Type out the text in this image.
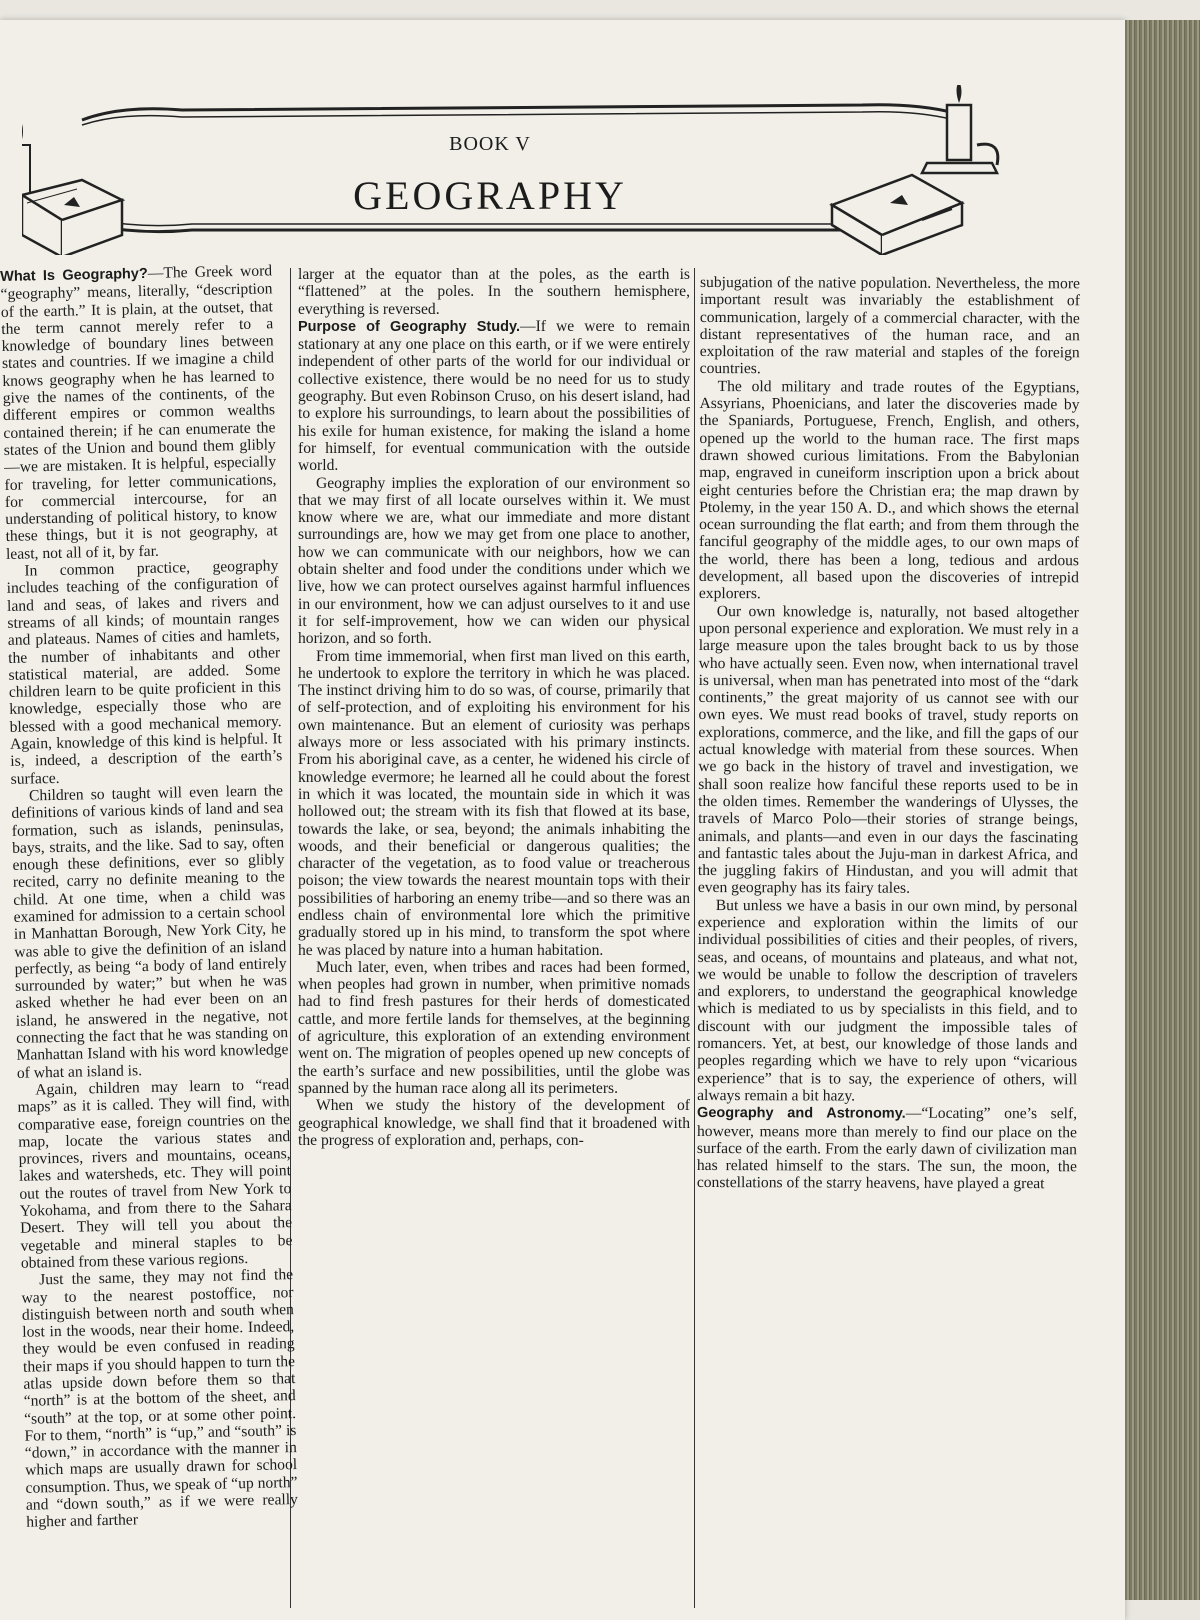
BOOK V
GEOGRAPHY

What Is Geography?—The Greek word “geography” means, literally, “description of the earth.” It is plain, at the outset, that the term cannot merely refer to a knowledge of boundary lines between states and countries. If we imagine a child knows geography when he has learned to give the names of the continents, of the different empires or common wealths contained therein; if he can enumerate the states of the Union and bound them glibly—we are mistaken. It is helpful, especially for traveling, for letter communications, for commercial intercourse, for an understanding of political history, to know these things, but it is not geography, at least, not all of it, by far.

In common practice, geography includes teaching of the configuration of land and seas, of lakes and rivers and streams of all kinds; of mountain ranges and plateaus. Names of cities and hamlets, the number of inhabitants and other statistical material, are added. Some children learn to be quite proficient in this knowledge, especially those who are blessed with a good mechanical memory. Again, knowledge of this kind is helpful. It is, indeed, a description of the earth’s surface.

Children so taught will even learn the definitions of various kinds of land and sea formation, such as islands, peninsulas, bays, straits, and the like. Sad to say, often enough these definitions, ever so glibly recited, carry no definite meaning to the child. At one time, when a child was examined for admission to a certain school in Manhattan Borough, New York City, he was able to give the definition of an island perfectly, as being “a body of land entirely surrounded by water;” but when he was asked whether he had ever been on an island, he answered in the negative, not connecting the fact that he was standing on Manhattan Island with his word knowledge of what an island is.

Again, children may learn to “read maps” as it is called. They will find, with comparative ease, foreign countries on the map, locate the various states and provinces, rivers and mountains, oceans, lakes and watersheds, etc. They will point out the routes of travel from New York to Yokohama, and from there to the Sahara Desert. They will tell you about the vegetable and mineral staples to be obtained from these various regions.

Just the same, they may not find the way to the nearest postoffice, nor distinguish between north and south when lost in the woods, near their home. Indeed, they would be even confused in reading their maps if you should happen to turn the atlas upside down before them so that “north” is at the bottom of the sheet, and “south” at the top, or at some other point. For to them, “north” is “up,” and “south” is “down,” in accordance with the manner in which maps are usually drawn for school consumption. Thus, we speak of “up north” and “down south,” as if we were really higher and farther

larger at the equator than at the poles, as the earth is “flattened” at the poles. In the southern hemisphere, everything is reversed.

Purpose of Geography Study.—If we were to remain stationary at any one place on this earth, or if we were entirely independent of other parts of the world for our individual or collective existence, there would be no need for us to study geography. But even Robinson Cruso, on his desert island, had to explore his surroundings, to learn about the possibilities of his exile for human existence, for making the island a home for himself, for eventual communication with the outside world.

Geography implies the exploration of our environment so that we may first of all locate ourselves within it. We must know where we are, what our immediate and more distant surroundings are, how we may get from one place to another, how we can communicate with our neighbors, how we can obtain shelter and food under the conditions under which we live, how we can protect ourselves against harmful influences in our environment, how we can adjust ourselves to it and use it for self-improvement, how we can widen our physical horizon, and so forth.

From time immemorial, when first man lived on this earth, he undertook to explore the territory in which he was placed. The instinct driving him to do so was, of course, primarily that of self-protection, and of exploiting his environment for his own maintenance. But an element of curiosity was perhaps always more or less associated with his primary instincts. From his aboriginal cave, as a center, he widened his circle of knowledge evermore; he learned all he could about the forest in which it was located, the mountain side in which it was hollowed out; the stream with its fish that flowed at its base, towards the lake, or sea, beyond; the animals inhabiting the woods, and their beneficial or dangerous qualities; the character of the vegetation, as to food value or treacherous poison; the view towards the nearest mountain tops with their possibilities of harboring an enemy tribe—and so there was an endless chain of environmental lore which the primitive gradually stored up in his mind, to transform the spot where he was placed by nature into a human habitation.

Much later, even, when tribes and races had been formed, when peoples had grown in number, when primitive nomads had to find fresh pastures for their herds of domesticated cattle, and more fertile lands for themselves, at the beginning of agriculture, this exploration of an extending environment went on. The migration of peoples opened up new concepts of the earth’s surface and new possibilities, until the globe was spanned by the human race along all its perimeters.

When we study the history of the development of geographical knowledge, we shall find that it broadened with the progress of exploration and, perhaps, con-

subjugation of the native population. Nevertheless, the more important result was invariably the establishment of communication, largely of a commercial character, with the distant representatives of the human race, and an exploitation of the raw material and staples of the foreign countries.

The old military and trade routes of the Egyptians, Assyrians, Phoenicians, and later the discoveries made by the Spaniards, Portuguese, French, English, and others, opened up the world to the human race. The first maps drawn showed curious limitations. From the Babylonian map, engraved in cuneiform inscription upon a brick about eight centuries before the Christian era; the map drawn by Ptolemy, in the year 150 A. D., and which shows the eternal ocean surrounding the flat earth; and from them through the fanciful geography of the middle ages, to our own maps of the world, there has been a long, tedious and ardous development, all based upon the discoveries of intrepid explorers.

Our own knowledge is, naturally, not based altogether upon personal experience and exploration. We must rely in a large measure upon the tales brought back to us by those who have actually seen. Even now, when international travel is universal, when man has penetrated into most of the “dark continents,” the great majority of us cannot see with our own eyes. We must read books of travel, study reports on explorations, commerce, and the like, and fill the gaps of our actual knowledge with material from these sources. When we go back in the history of travel and investigation, we shall soon realize how fanciful these reports used to be in the olden times. Remember the wanderings of Ulysses, the travels of Marco Polo—their stories of strange beings, animals, and plants—and even in our days the fascinating and fantastic tales about the Juju-man in darkest Africa, and the juggling fakirs of Hindustan, and you will admit that even geography has its fairy tales.

But unless we have a basis in our own mind, by personal experience and exploration within the limits of our individual possibilities of cities and their peoples, of rivers, seas, and oceans, of mountains and plateaus, and what not, we would be unable to follow the description of travelers and explorers, to understand the geographical knowledge which is mediated to us by specialists in this field, and to discount with our judgment the impossible tales of romancers. Yet, at best, our knowledge of those lands and peoples regarding which we have to rely upon “vicarious experience” that is to say, the experience of others, will always remain a bit hazy.

Geography and Astronomy.—“Locating” one’s self, however, means more than merely to find our place on the surface of the earth. From the early dawn of civilization man has related himself to the stars. The sun, the moon, the constellations of the starry heavens, have played a great
